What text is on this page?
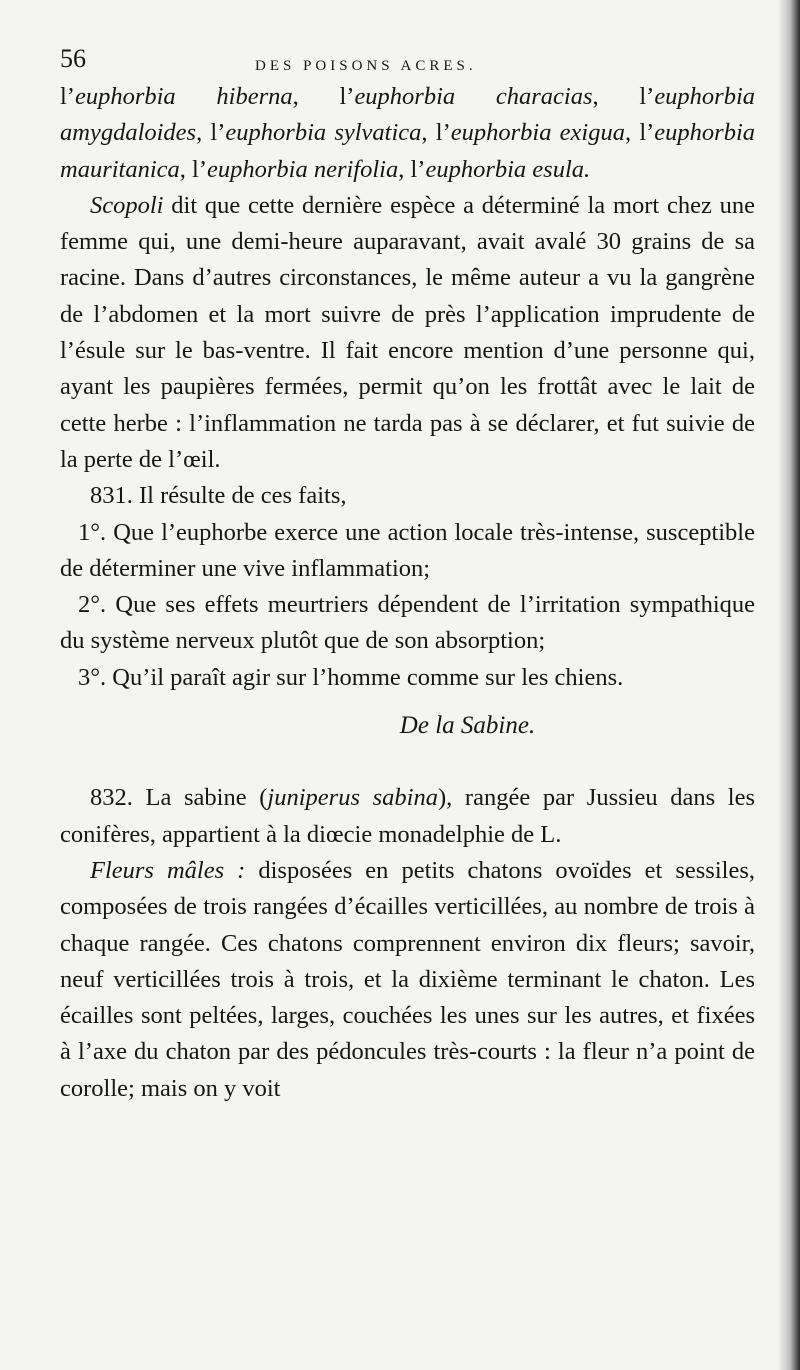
56	DES POISONS ACRES.

l’euphorbia hiberna, l’euphorbia characias, l’euphorbia amygdaloides, l’euphorbia sylvatica, l’euphorbia exigua, l’euphorbia mauritanica, l’euphorbia nerifolia, l’euphorbia esula.

Scopoli dit que cette dernière espèce a déterminé la mort chez une femme qui, une demi-heure auparavant, avait avalé 30 grains de sa racine. Dans d’autres circonstances, le même auteur a vu la gangrène de l’abdomen et la mort suivre de près l’application imprudente de l’ésule sur le bas-ventre. Il fait encore mention d’une personne qui, ayant les paupières fermées, permit qu’on les frottât avec le lait de cette herbe : l’inflammation ne tarda pas à se déclarer, et fut suivie de la perte de l’œil.

831. Il résulte de ces faits,

1°. Que l’euphorbe exerce une action locale très-intense, susceptible de déterminer une vive inflammation;

2°. Que ses effets meurtriers dépendent de l’irritation sympathique du système nerveux plutôt que de son absorption;

3°. Qu’il paraît agir sur l’homme comme sur les chiens.

De la Sabine.

832. La sabine (juniperus sabina), rangée par Jussieu dans les conifères, appartient à la diœcie monadelphie de L.

Fleurs mâles : disposées en petits chatons ovoïdes et sessiles, composées de trois rangées d’écailles verticillées, au nombre de trois à chaque rangée. Ces chatons comprennent environ dix fleurs; savoir, neuf verticillées trois à trois, et la dixième terminant le chaton. Les écailles sont peltées, larges, couchées les unes sur les autres, et fixées à l’axe du chaton par des pédoncules très-courts : la fleur n’a point de corolle; mais on y voit
